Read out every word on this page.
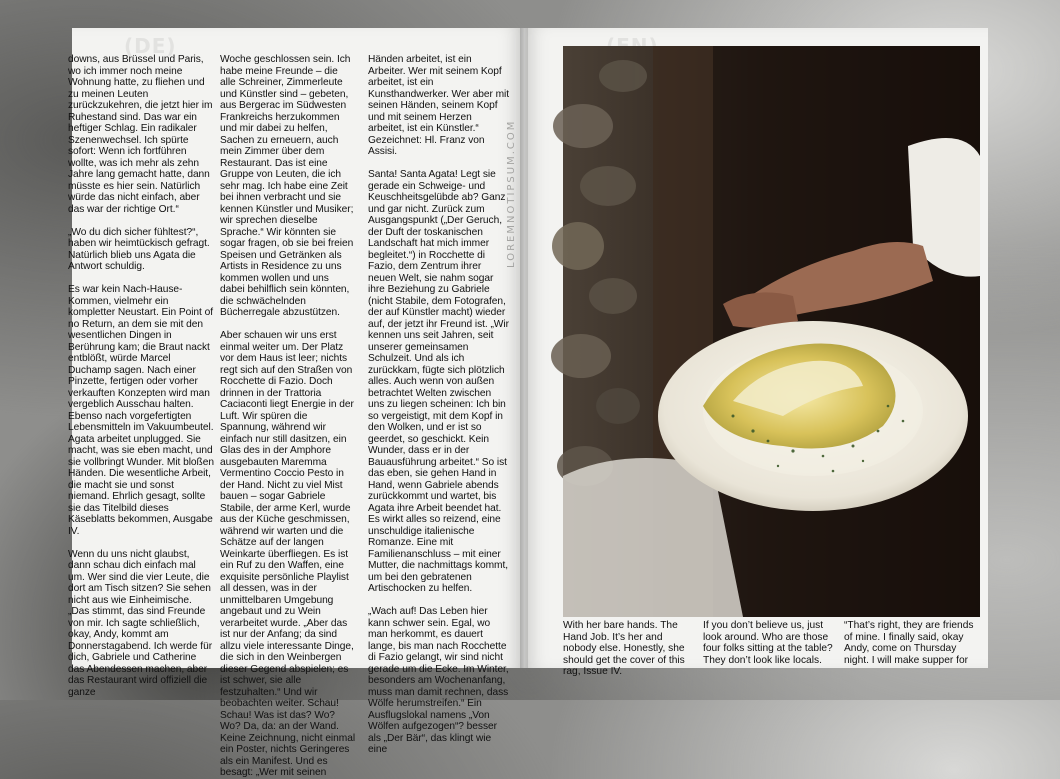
(DE)

downs, aus Brüssel und Paris, wo ich immer noch meine Wohnung hatte, zu fliehen und zu meinen Leuten zurückzukehren, die jetzt hier im Ruhestand sind. Das war ein heftiger Schlag. Ein radikaler Szenenwechsel. Ich spürte sofort: Wenn ich fortführen wollte, was ich mehr als zehn Jahre lang gemacht hatte, dann müsste es hier sein. Natürlich würde das nicht einfach, aber das war der richtige Ort.“

„Wo du dich sicher fühltest?“, haben wir heimtückisch gefragt. Natürlich blieb uns Agata die Antwort schuldig.

Es war kein Nach-Hause-Kommen, vielmehr ein kompletter Neustart. Ein Point of no Return, an dem sie mit den wesentlichen Dingen in Berührung kam; die Braut nackt entblößt, würde Marcel Duchamp sagen. Nach einer Pinzette, fertigen oder vorher verkauften Konzepten wird man vergeblich Ausschau halten. Ebenso nach vorgefertigten Lebensmitteln im Vakuumbeutel. Agata arbeitet unplugged. Sie macht, was sie eben macht, und sie vollbringt Wunder. Mit bloßen Händen. Die wesentliche Arbeit, die macht sie und sonst niemand. Ehrlich gesagt, sollte sie das Titelbild dieses Käseblatts bekommen, Ausgabe IV.

Wenn du uns nicht glaubst, dann schau dich einfach mal um. Wer sind die vier Leute, die dort am Tisch sitzen? Sie sehen nicht aus wie Einheimische. „Das stimmt, das sind Freunde von mir. Ich sagte schließlich, okay, Andy, kommt am Donnerstagabend. Ich werde für dich, Gabriele und Catherine das Abendessen machen, aber das Restaurant wird offiziell die ganze

Woche geschlossen sein. Ich habe meine Freunde – die alle Schreiner, Zimmerleute und Künstler sind – gebeten, aus Bergerac im Südwesten Frankreichs herzukommen und mir dabei zu helfen, Sachen zu erneuern, auch mein Zimmer über dem Restaurant. Das ist eine Gruppe von Leuten, die ich sehr mag. Ich habe eine Zeit bei ihnen verbracht und sie kennen Künstler und Musiker; wir sprechen dieselbe Sprache.“ Wir könnten sie sogar fragen, ob sie bei freien Speisen und Getränken als Artists in Residence zu uns kommen wollen und uns dabei behilflich sein könnten, die schwächelnden Bücherregale abzustützen.

Aber schauen wir uns erst einmal weiter um. Der Platz vor dem Haus ist leer; nichts regt sich auf den Straßen von Rocchette di Fazio. Doch drinnen in der Trattoria Caciaconti liegt Energie in der Luft. Wir spüren die Spannung, während wir einfach nur still dasitzen, ein Glas des in der Amphore ausgebauten Maremma Vermentino Coccio Pesto in der Hand. Nicht zu viel Mist bauen – sogar Gabriele Stabile, der arme Kerl, wurde aus der Küche geschmissen, während wir warten und die Schätze auf der langen Weinkarte überfliegen. Es ist ein Ruf zu den Waffen, eine exquisite persönliche Playlist all dessen, was in der unmittelbaren Umgebung angebaut und zu Wein verarbeitet wurde. „Aber das ist nur der Anfang; da sind allzu viele interessante Dinge, die sich in den Weinbergen dieser Gegend abspielen; es ist schwer, sie alle festzuhalten.“ Und wir beobachten weiter. Schau! Schau! Was ist das? Wo? Wo? Da, da: an der Wand. Keine Zeichnung, nicht einmal ein Poster, nichts Geringeres als ein Manifest. Und es besagt: „Wer mit seinen

Händen arbeitet, ist ein Arbeiter. Wer mit seinem Kopf arbeitet, ist ein Kunsthandwerker. Wer aber mit seinen Händen, seinem Kopf und mit seinem Herzen arbeitet, ist ein Künstler.“ Gezeichnet: Hl. Franz von Assisi.

Santa! Santa Agata! Legt sie gerade ein Schweige- und Keuschheitsgelübde ab? Ganz und gar nicht. Zurück zum Ausgangspunkt („Der Geruch, der Duft der toskanischen Landschaft hat mich immer begleitet.“) in Rocchette di Fazio, dem Zentrum ihrer neuen Welt, sie nahm sogar ihre Beziehung zu Gabriele (nicht Stabile, dem Fotografen, der auf Künstler macht) wieder auf, der jetzt ihr Freund ist. „Wir kennen uns seit Jahren, seit unserer gemeinsamen Schulzeit. Und als ich zurückkam, fügte sich plötzlich alles. Auch wenn von außen betrachtet Welten zwischen uns zu liegen scheinen: Ich bin so vergeistigt, mit dem Kopf in den Wolken, und er ist so geerdet, so geschickt. Kein Wunder, dass er in der Bauausführung arbeitet.“ So ist das eben, sie gehen Hand in Hand, wenn Gabriele abends zurückkommt und wartet, bis Agata ihre Arbeit beendet hat. Es wirkt alles so reizend, eine unschuldige italienische Romanze. Eine mit Familienanschluss – mit einer Mutter, die nachmittags kommt, um bei den gebratenen Artischocken zu helfen.

„Wach auf! Das Leben hier kann schwer sein. Egal, wo man herkommt, es dauert lange, bis man nach Rocchette di Fazio gelangt, wir sind nicht gerade um die Ecke. Im Winter, besonders am Wochenanfang, muss man damit rechnen, dass Wölfe herumstreifen.“ Ein Ausflugslokal namens „Von Wölfen aufgezogen“? besser als „Der Bär“, das klingt wie eine

LOREMNOTIPSUM.COM
With her bare hands. The Hand Job. It’s her and nobody else. Honestly, she should get the cover of this rag, Issue IV.
If you don’t believe us, just look around. Who are those four folks sitting at the table? They don’t look like locals.
“That’s right, they are friends of mine. I finally said, okay Andy, come on Thursday night. I will make supper for
